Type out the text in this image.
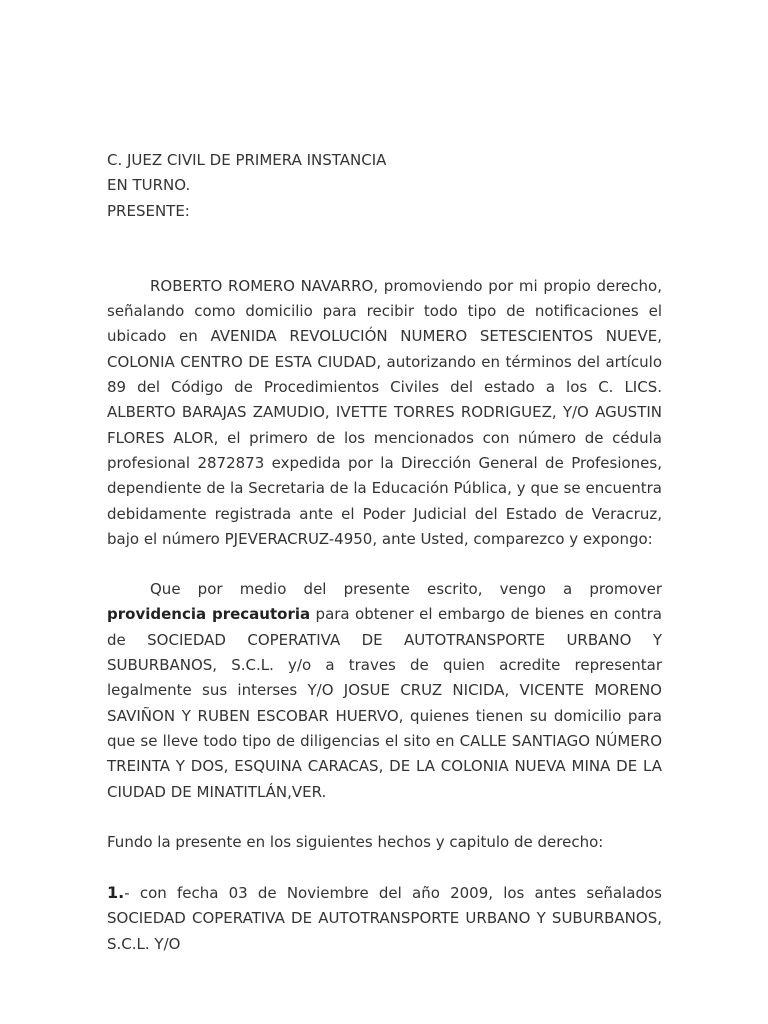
C. JUEZ CIVIL DE PRIMERA INSTANCIA
EN TURNO.
PRESENTE:

ROBERTO ROMERO NAVARRO, promoviendo por mi propio derecho, señalando como domicilio para recibir todo tipo de notificaciones el ubicado en AVENIDA REVOLUCIÓN NUMERO SETESCIENTOS NUEVE, COLONIA CENTRO DE ESTA CIUDAD, autorizando en términos del artículo 89 del Código de Procedimientos Civiles del estado a los C. LICS. ALBERTO BARAJAS ZAMUDIO, IVETTE TORRES RODRIGUEZ, Y/O AGUSTIN FLORES ALOR, el primero de los mencionados con número de cédula profesional 2872873 expedida por la Dirección General de Profesiones, dependiente de la Secretaria de la Educación Pública, y que se encuentra debidamente registrada ante el Poder Judicial del Estado de Veracruz, bajo el número PJEVERACRUZ-4950, ante Usted, comparezco y expongo:

Que por medio del presente escrito, vengo a promover providencia precautoria para obtener el embargo de bienes en contra de SOCIEDAD COPERATIVA DE AUTOTRANSPORTE URBANO Y SUBURBANOS, S.C.L. y/o a traves de quien acredite representar legalmente sus interses Y/O JOSUE CRUZ NICIDA, VICENTE MORENO SAVIÑON Y RUBEN ESCOBAR HUERVO, quienes tienen su domicilio para que se lleve todo tipo de diligencias el sito en CALLE SANTIAGO NÚMERO TREINTA Y DOS, ESQUINA CARACAS, DE LA COLONIA NUEVA MINA DE LA CIUDAD DE MINATITLÁN,VER.

Fundo la presente en los siguientes hechos y capitulo de derecho:

1.- con fecha 03 de Noviembre del año 2009, los antes señalados SOCIEDAD COPERATIVA DE AUTOTRANSPORTE URBANO Y SUBURBANOS, S.C.L. Y/O
